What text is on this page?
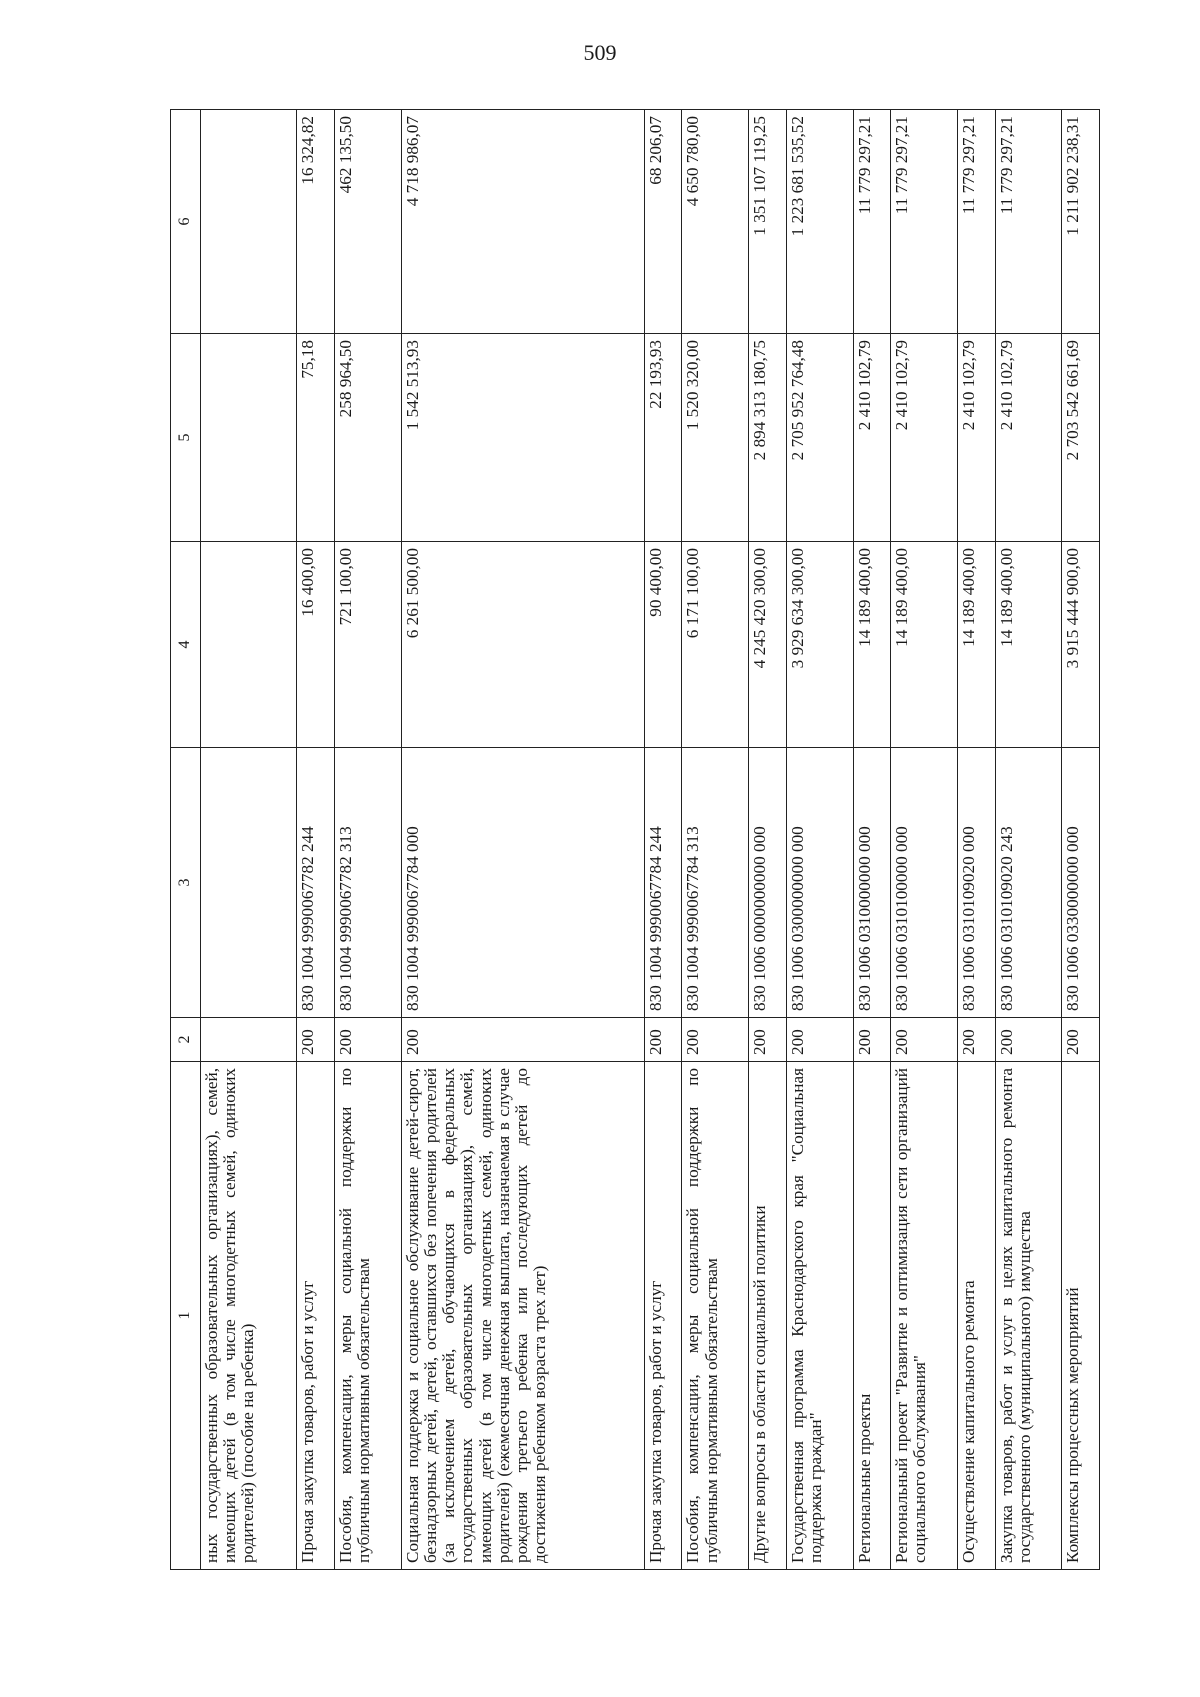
509
1	2	3	4	5	6
ных государственных образовательных организациях), семей, имеющих детей (в том числе многодетных семей, одиноких родителей) (пособие на ребенка)					
Прочая закупка товаров, работ и услуг	200	830 1004 9990067782 244	16 400,00	75,18	16 324,82
Пособия, компенсации, меры социальной поддержки по публичным нормативным обязательствам	200	830 1004 9990067782 313	721 100,00	258 964,50	462 135,50
Социальная поддержка и социальное обслуживание детей-сирот, безнадзорных детей, детей, оставшихся без попечения родителей (за исключением детей, обучающихся в федеральных государственных образовательных организациях), семей, имеющих детей (в том числе многодетных семей, одиноких родителей) (ежемесячная денежная выплата, назначаемая в случае рождения третьего ребенка или последующих детей до достижения ребенком возраста трех лет)	200	830 1004 9990067784 000	6 261 500,00	1 542 513,93	4 718 986,07
Прочая закупка товаров, работ и услуг	200	830 1004 9990067784 244	90 400,00	22 193,93	68 206,07
Пособия, компенсации, меры социальной поддержки по публичным нормативным обязательствам	200	830 1004 9990067784 313	6 171 100,00	1 520 320,00	4 650 780,00
Другие вопросы в области социальной политики	200	830 1006 0000000000 000	4 245 420 300,00	2 894 313 180,75	1 351 107 119,25
Государственная программа Краснодарского края "Социальная поддержка граждан"	200	830 1006 0300000000 000	3 929 634 300,00	2 705 952 764,48	1 223 681 535,52
Региональные проекты	200	830 1006 0310000000 000	14 189 400,00	2 410 102,79	11 779 297,21
Региональный проект "Развитие и оптимизация сети организаций социального обслуживания"	200	830 1006 0310100000 000	14 189 400,00	2 410 102,79	11 779 297,21
Осуществление капитального ремонта	200	830 1006 0310109020 000	14 189 400,00	2 410 102,79	11 779 297,21
Закупка товаров, работ и услуг в целях капитального ремонта государственного (муниципального) имущества	200	830 1006 0310109020 243	14 189 400,00	2 410 102,79	11 779 297,21
Комплексы процессных мероприятий	200	830 1006 0330000000 000	3 915 444 900,00	2 703 542 661,69	1 211 902 238,31
